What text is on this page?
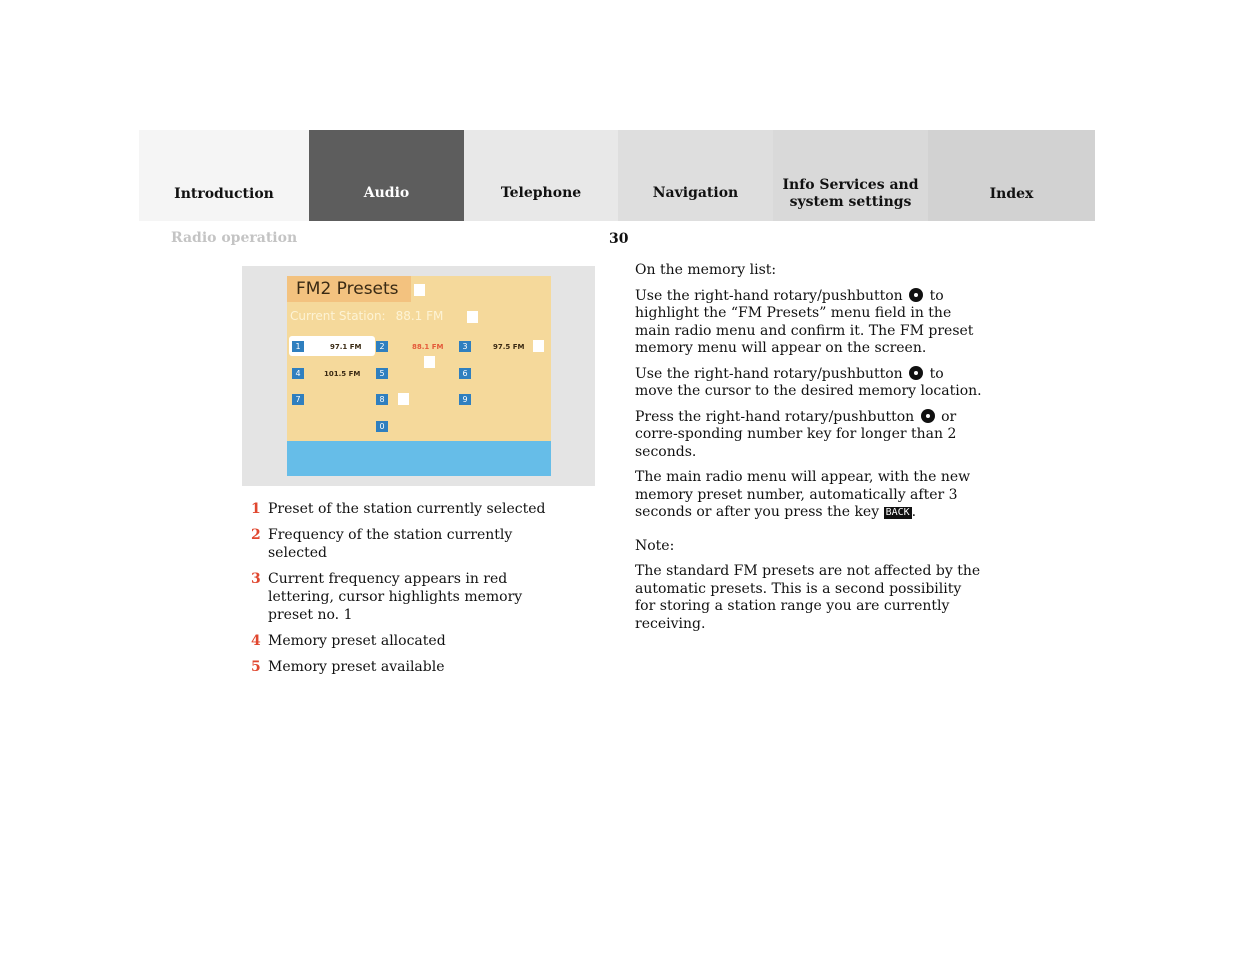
Introduction	Audio	Telephone	Navigation	Info Services and
system settings	Index
Radio operation	30
FM2 Presets
Current Station: 88.1 FM
1	97.1 FM	2	88.1 FM	3	97.5 FM
4	101.5 FM	5	6
7	8	9
0
1 Preset of the station currently selected
2 Frequency of the station currently selected
3 Current frequency appears in red lettering, cursor highlights memory preset no. 1
4 Memory preset allocated
5 Memory preset available

On the memory list:

Use the right-hand rotary/pushbutton to highlight the “FM Presets” menu field in the main radio menu and confirm it. The FM preset memory menu will appear on the screen.

Use the right-hand rotary/pushbutton to move the cursor to the desired memory location.

Press the right-hand rotary/pushbutton or corre-sponding number key for longer than 2 seconds.

The main radio menu will appear, with the new memory preset number, automatically after 3 seconds or after you press the key BACK .

Note:

The standard FM presets are not affected by the automatic presets. This is a second possibility for storing a station range you are currently receiving.
